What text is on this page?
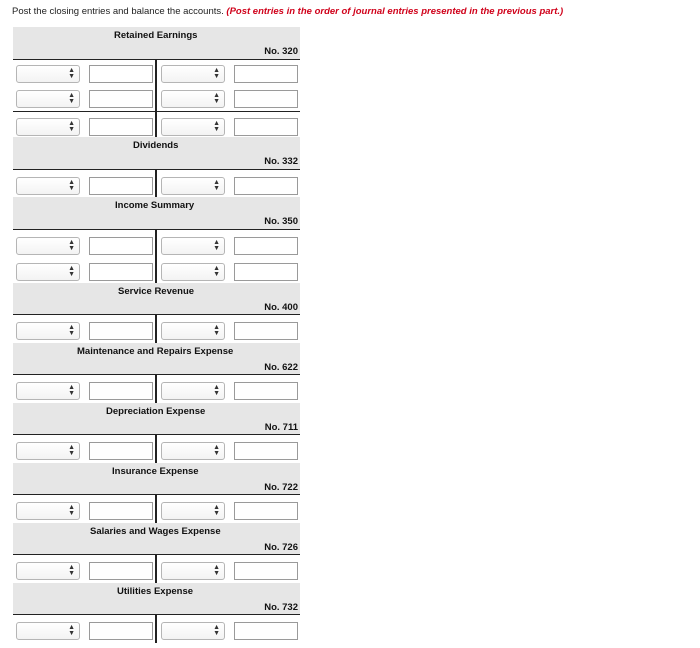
Post the closing entries and balance the accounts. (Post entries in the order of journal entries presented in the previous part.)
Retained Earnings
No. 320
▲
▼
▲
▼
▲
▼
▲
▼
▲
▼
▲
▼
Dividends
No. 332
▲
▼
▲
▼
Income Summary
No. 350
▲
▼
▲
▼
▲
▼
▲
▼
Service Revenue
No. 400
▲
▼
▲
▼
Maintenance and Repairs Expense
No. 622
▲
▼
▲
▼
Depreciation Expense
No. 711
▲
▼
▲
▼
Insurance Expense
No. 722
▲
▼
▲
▼
Salaries and Wages Expense
No. 726
▲
▼
▲
▼
Utilities Expense
No. 732
▲
▼
▲
▼
